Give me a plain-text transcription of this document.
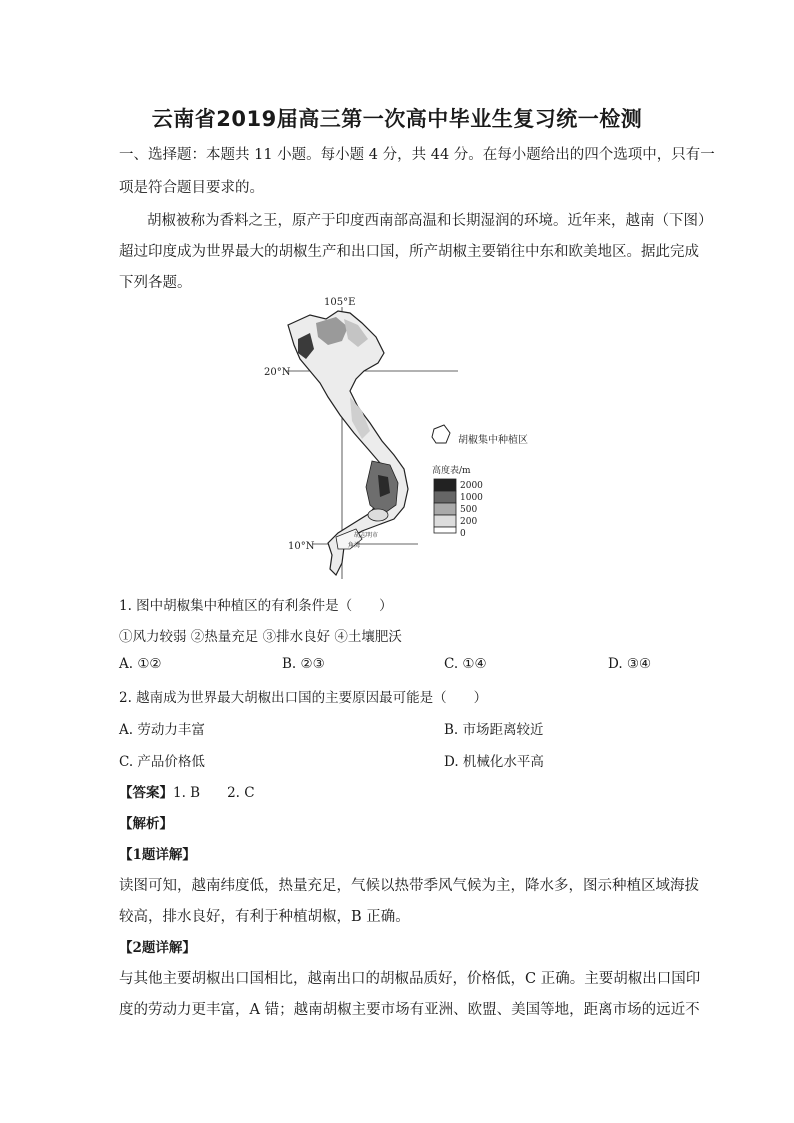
云南省2019届高三第一次高中毕业生复习统一检测
一、选择题：本题共 11 小题。每小题 4 分，共 44 分。在每小题给出的四个选项中，只有一
项是符合题目要求的。
胡椒被称为香料之王，原产于印度西南部高温和长期湿润的环境。近年来，越南（下图）
超过印度成为世界最大的胡椒生产和出口国，所产胡椒主要销往中东和欧美地区。据此完成
下列各题。
105°E
20°N
10°N
胡志明市
角湾
胡椒集中种植区
高度表/m
2000
1000
500
200
0
1. 图中胡椒集中种植区的有利条件是（　　）
①风力较弱 ②热量充足 ③排水良好 ④土壤肥沃
A. ①②	B. ②③	C. ①④	D. ③④
2. 越南成为世界最大胡椒出口国的主要原因最可能是（　　）
A. 劳动力丰富	B. 市场距离较近
C. 产品价格低	D. 机械化水平高
【答案】1. B　　2. C
【解析】
【1题详解】
读图可知，越南纬度低，热量充足，气候以热带季风气候为主，降水多，图示种植区域海拔
较高，排水良好，有利于种植胡椒，B 正确。
【2题详解】
与其他主要胡椒出口国相比，越南出口的胡椒品质好，价格低，C 正确。主要胡椒出口国印
度的劳动力更丰富，A 错；越南胡椒主要市场有亚洲、欧盟、美国等地，距离市场的远近不
